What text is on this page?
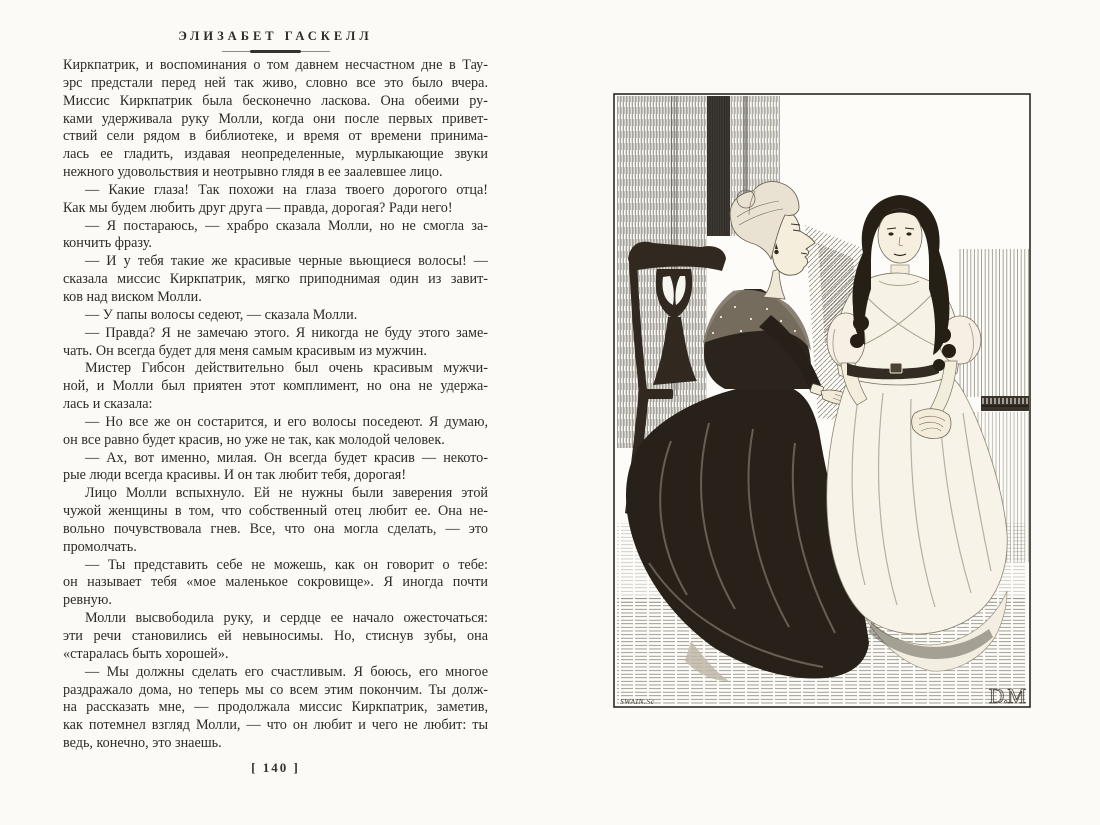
ЭЛИЗАБЕТ ГАСКЕЛЛ
Киркпатрик, и воспоминания о том давнем несчастном дне в Тау-
эрс предстали перед ней так живо, словно все это было вчера.
Миссис Киркпатрик была бесконечно ласкова. Она обеими ру-
ками удерживала руку Молли, когда они после первых привет-
ствий сели рядом в библиотеке, и время от времени принима-
лась ее гладить, издавая неопределенные, мурлыкающие звуки
нежного удовольствия и неотрывно глядя в ее заалевшее лицо.
— Какие глаза! Так похожи на глаза твоего дорогого отца!
Как мы будем любить друг друга — правда, дорогая? Ради него!
— Я постараюсь, — храбро сказала Молли, но не смогла за-
кончить фразу.
— И у тебя такие же красивые черные вьющиеся волосы! —
сказала миссис Киркпатрик, мягко приподнимая один из завит-
ков над виском Молли.
— У папы волосы седеют, — сказала Молли.
— Правда? Я не замечаю этого. Я никогда не буду этого заме-
чать. Он всегда будет для меня самым красивым из мужчин.
Мистер Гибсон действительно был очень красивым мужчи-
ной, и Молли был приятен этот комплимент, но она не удержа-
лась и сказала:
— Но все же он состарится, и его волосы поседеют. Я думаю,
он все равно будет красив, но уже не так, как молодой человек.
— Ах, вот именно, милая. Он всегда будет красив — некото-
рые люди всегда красивы. И он так любит тебя, дорогая!
Лицо Молли вспыхнуло. Ей не нужны были заверения этой
чужой женщины в том, что собственный отец любит ее. Она не-
вольно почувствовала гнев. Все, что она могла сделать, — это
промолчать.
— Ты представить себе не можешь, как он говорит о тебе:
он называет тебя «мое маленькое сокровище». Я иногда почти
ревную.
Молли высвободила руку, и сердце ее начало ожесточаться:
эти речи становились ей невыносимы. Но, стиснув зубы, она
«старалась быть хорошей».
— Мы должны сделать его счастливым. Я боюсь, его многое
раздражало дома, но теперь мы со всем этим покончим. Ты долж-
на рассказать мне, — продолжала миссис Киркпатрик, заметив,
как потемнел взгляд Молли, — что он любит и чего не любит: ты
ведь, конечно, это знаешь.
[ 140 ]
SWAIN.Sc	D.M
